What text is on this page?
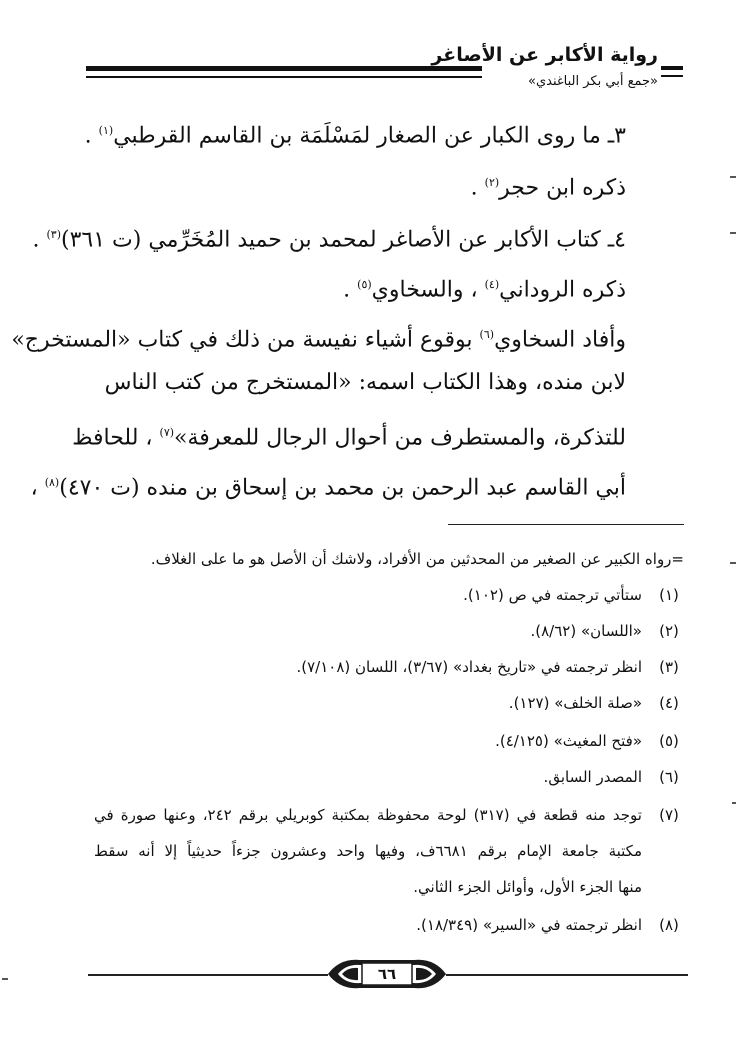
رواية الأكابر عن الأصاغر
«جمع أبي بكر الباغندي»
٣ـ ما روى الكبار عن الصغار لمَسْلَمَة بن القاسم القرطبي$^{(١)}$ .
ذكره ابن حجر$^{(٢)}$ .
٤ـ كتاب الأكابر عن الأصاغر لمحمد بن حميد المُخَرِّمي (ت ٣٦١)$^{(٣)}$ .
ذكره الروداني$^{(٤)}$ ، والسخاوي$^{(٥)}$ .
وأفاد السخاوي$^{(٦)}$ بوقوع أشياء نفيسة من ذلك في كتاب «المستخرج»
لابن منده، وهذا الكتاب اسمه: «المستخرج من كتب الناس
للتذكرة، والمستطرف من أحوال الرجال للمعرفة»$^{(٧)}$ ، للحافظ
أبي القاسم عبد الرحمن بن محمد بن إسحاق بن منده (ت ٤٧٠)$^{(٨)}$ ،
=رواه الكبير عن الصغير من المحدثين من الأفراد، ولاشك أن الأصل هو ما على الغلاف.
(١)
ستأتي ترجمته في ص (١٠٢).
(٢)
«اللسان» (٨/٦٢).
(٣)
انظر ترجمته في «تاريخ بغداد» (٣/٦٧)، اللسان (٧/١٠٨).
(٤)
«صلة الخلف» (١٢٧).
(٥)
«فتح المغيث» (٤/١٢٥).
(٦)
المصدر السابق.
(٧)
توجد منه قطعة في (٣١٧) لوحة محفوظة بمكتبة كوبريلي برقم ٢٤٢، وعنها صورة في
مكتبة جامعة الإمام برقم ٦٦٨١ف، وفيها واحد وعشرون جزءاً حديثياً إلا أنه سقط
منها الجزء الأول، وأوائل الجزء الثاني.
(٨)
انظر ترجمته في «السير» (١٨/٣٤٩).
٦٦
